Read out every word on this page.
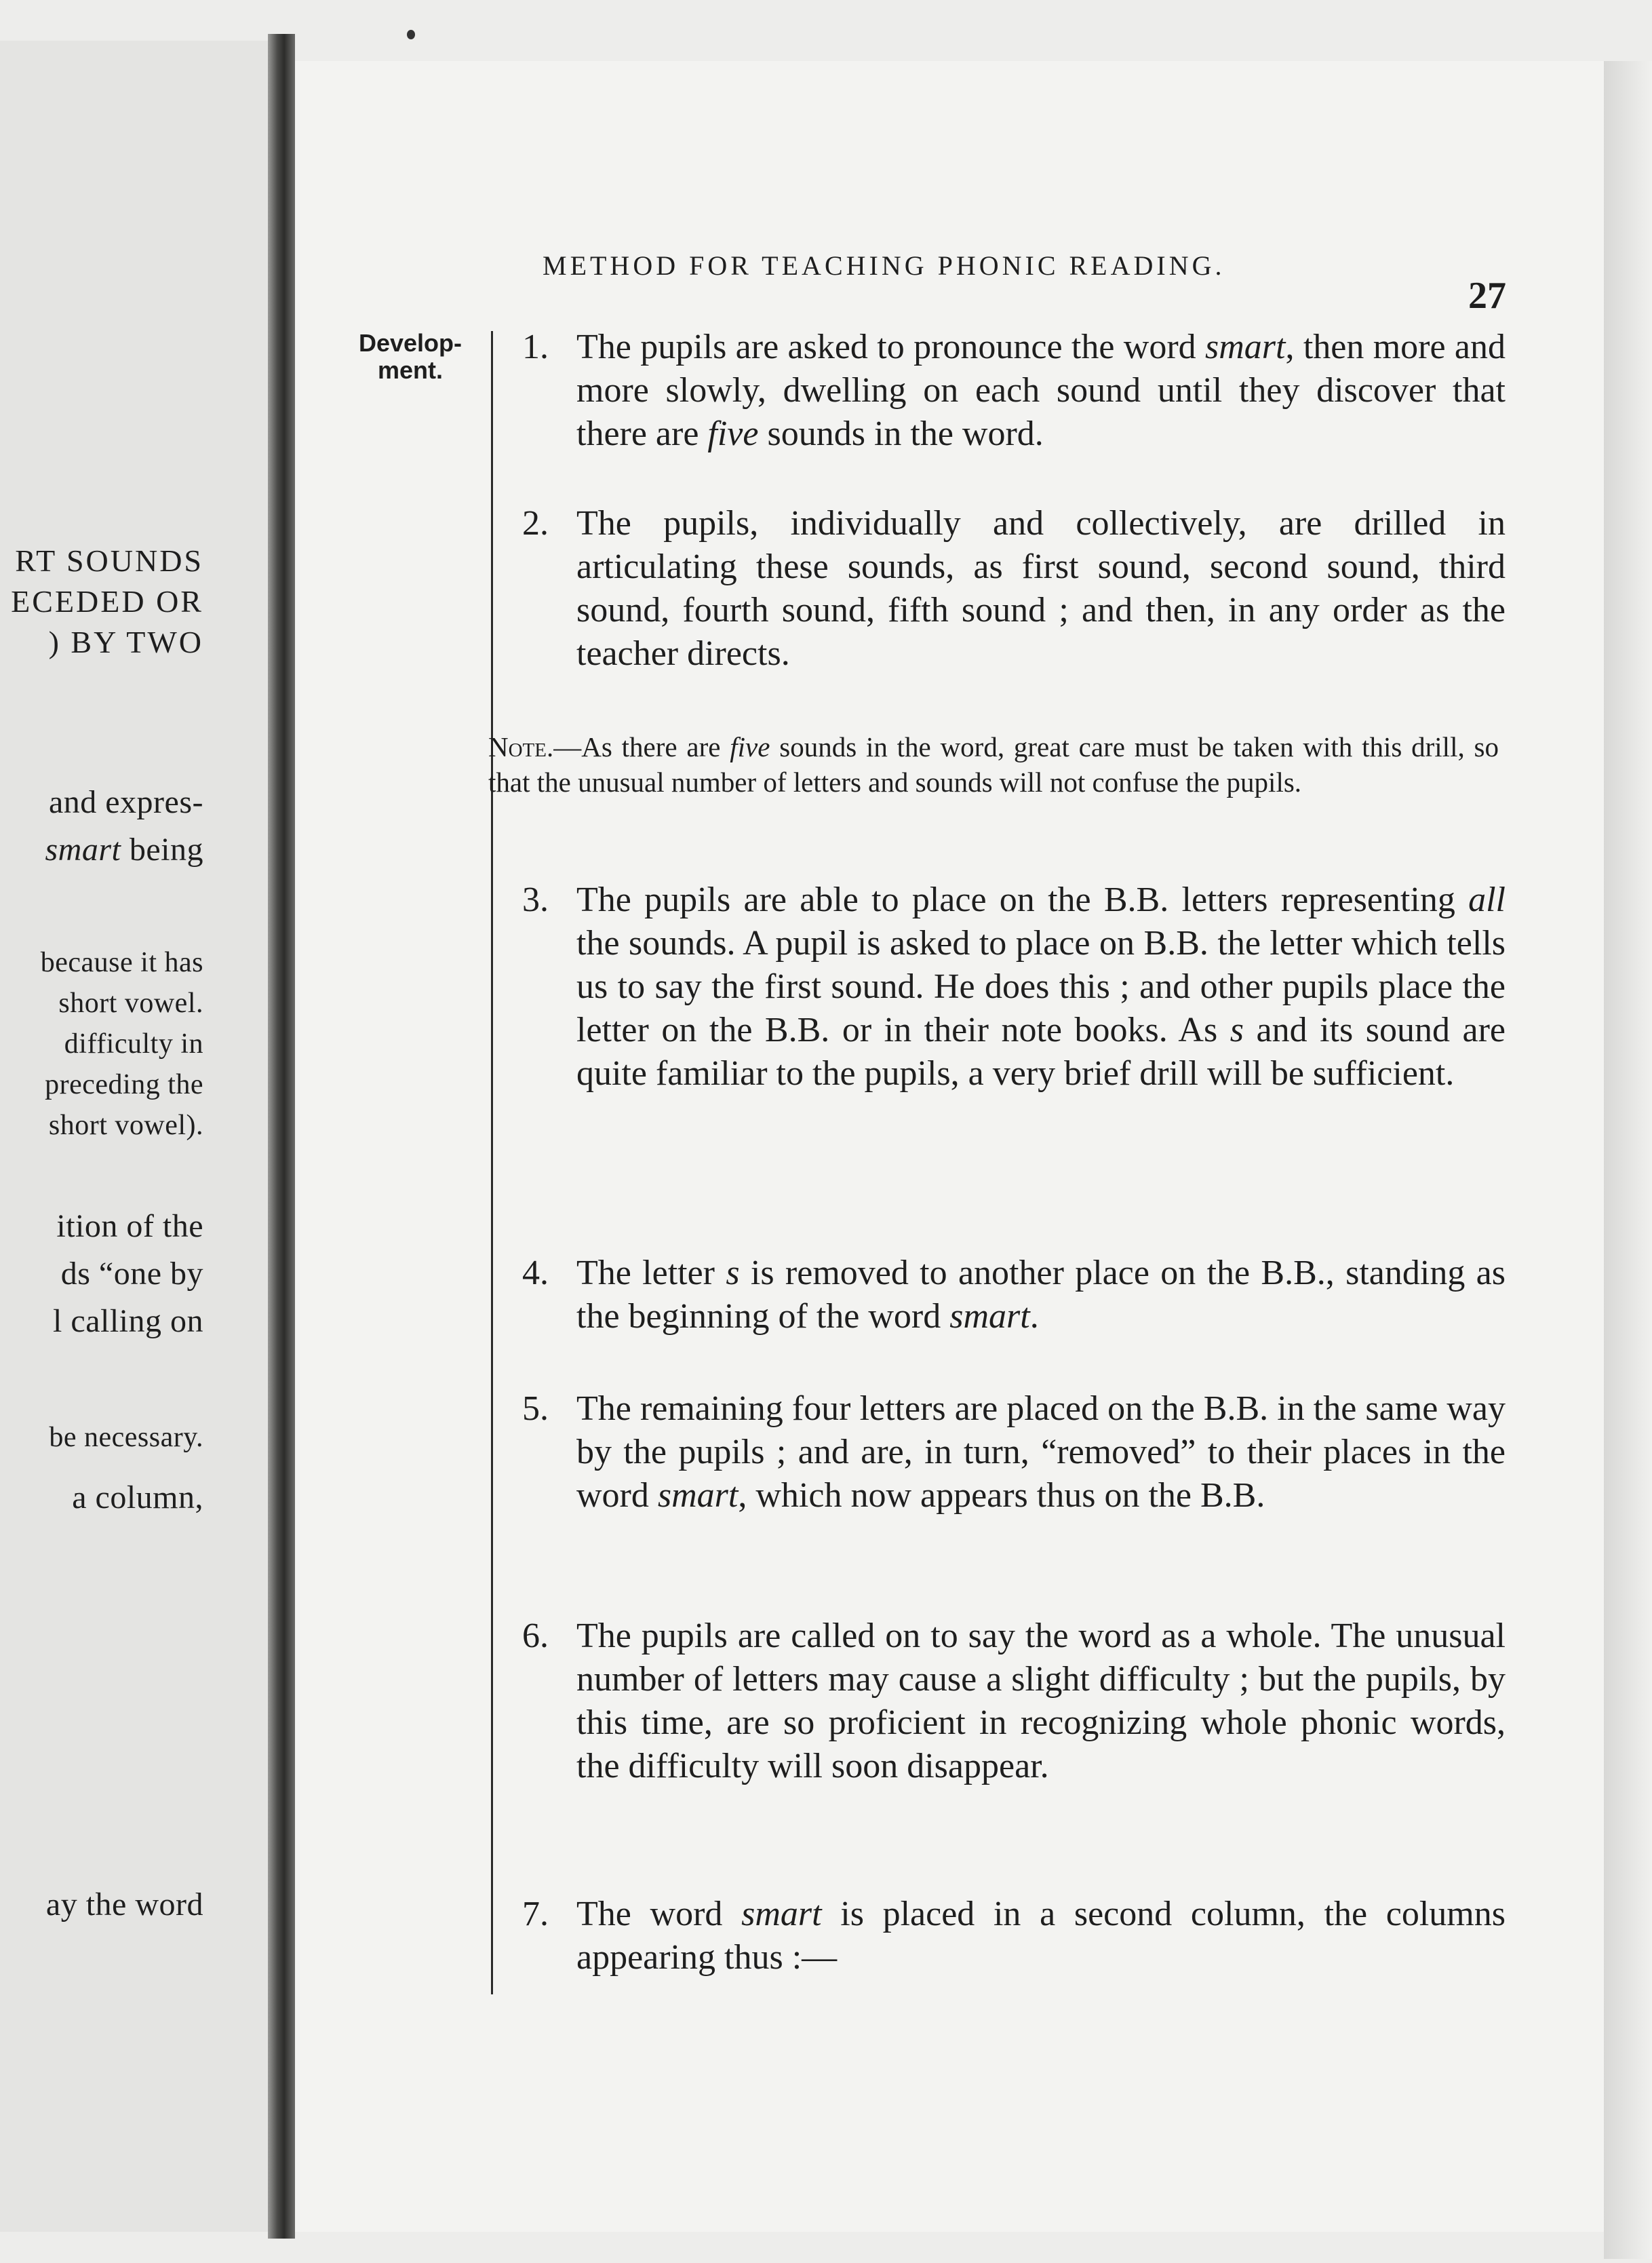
RT SOUNDS
ECEDED OR
) BY TWO
and expres-
smart being
because it has
short vowel.
difficulty in
preceding the
short vowel).
ition of the
ds “one by
l calling on
be necessary.
a column,
ay the word
METHOD FOR TEACHING PHONIC READING.
27
Develop-ment.
1. The pupils are asked to pronounce the word smart, then more and more slowly, dwelling on each sound until they discover that there are five sounds in the word.
2. The pupils, individually and collectively, are drilled in articulating these sounds, as first sound, second sound, third sound, fourth sound, fifth sound ; and then, in any order as the teacher directs.
Note.—As there are five sounds in the word, great care must be taken with this drill, so that the unusual number of letters and sounds will not confuse the pupils.
3. The pupils are able to place on the B.B. letters representing all the sounds. A pupil is asked to place on B.B. the letter which tells us to say the first sound. He does this ; and other pupils place the letter on the B.B. or in their note books. As s and its sound are quite familiar to the pupils, a very brief drill will be sufficient.
4. The letter s is removed to another place on the B.B., standing as the beginning of the word smart.
5. The remaining four letters are placed on the B.B. in the same way by the pupils ; and are, in turn, “removed” to their places in the word smart, which now appears thus on the B.B.
6. The pupils are called on to say the word as a whole. The unusual number of letters may cause a slight difficulty ; but the pupils, by this time, are so proficient in recognizing whole phonic words, the difficulty will soon disappear.
7. The word smart is placed in a second column, the columns appearing thus :—
